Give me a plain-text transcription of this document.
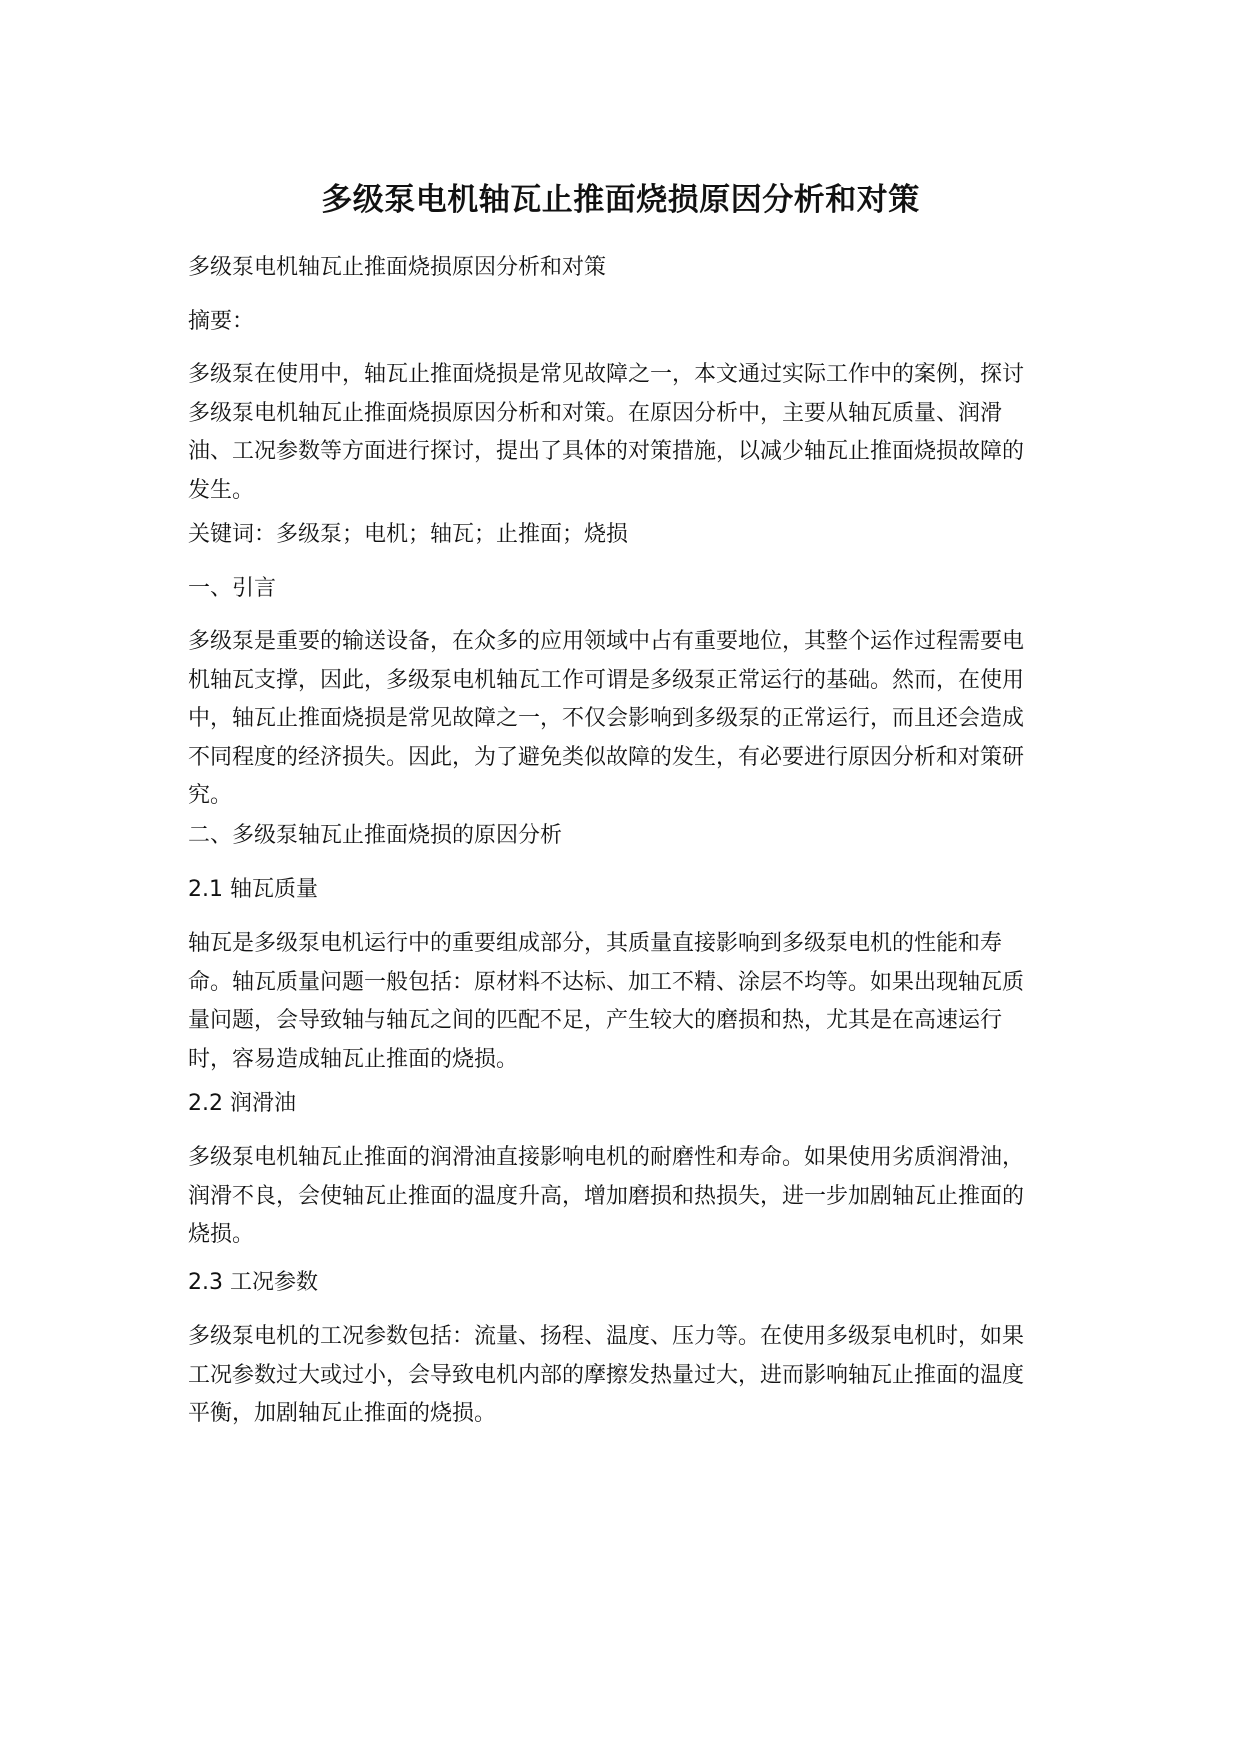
多级泵电机轴瓦止推面烧损原因分析和对策

多级泵电机轴瓦止推面烧损原因分析和对策

摘要：

多级泵在使用中，轴瓦止推面烧损是常见故障之一，本文通过实际工作中的案例，探讨多级泵电机轴瓦止推面烧损原因分析和对策。在原因分析中，主要从轴瓦质量、润滑油、工况参数等方面进行探讨，提出了具体的对策措施，以减少轴瓦止推面烧损故障的发生。

关键词：多级泵；电机；轴瓦；止推面；烧损

一、引言

多级泵是重要的输送设备，在众多的应用领域中占有重要地位，其整个运作过程需要电机轴瓦支撑，因此，多级泵电机轴瓦工作可谓是多级泵正常运行的基础。然而，在使用中，轴瓦止推面烧损是常见故障之一，不仅会影响到多级泵的正常运行，而且还会造成不同程度的经济损失。因此，为了避免类似故障的发生，有必要进行原因分析和对策研究。

二、多级泵轴瓦止推面烧损的原因分析

2.1 轴瓦质量

轴瓦是多级泵电机运行中的重要组成部分，其质量直接影响到多级泵电机的性能和寿命。轴瓦质量问题一般包括：原材料不达标、加工不精、涂层不均等。如果出现轴瓦质量问题，会导致轴与轴瓦之间的匹配不足，产生较大的磨损和热，尤其是在高速运行时，容易造成轴瓦止推面的烧损。

2.2 润滑油

多级泵电机轴瓦止推面的润滑油直接影响电机的耐磨性和寿命。如果使用劣质润滑油，润滑不良，会使轴瓦止推面的温度升高，增加磨损和热损失，进一步加剧轴瓦止推面的烧损。

2.3 工况参数

多级泵电机的工况参数包括：流量、扬程、温度、压力等。在使用多级泵电机时，如果工况参数过大或过小，会导致电机内部的摩擦发热量过大，进而影响轴瓦止推面的温度平衡，加剧轴瓦止推面的烧损。
